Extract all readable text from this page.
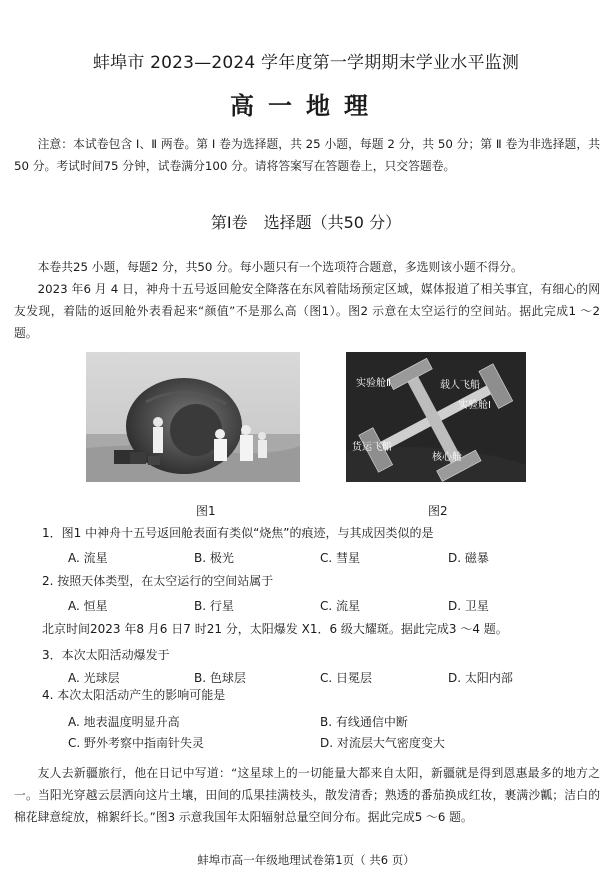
蚌埠市 2023—2024 学年度第一学期期末学业水平监测
高一地理
注意：本试卷包含 Ⅰ、Ⅱ 两卷。第 Ⅰ 卷为选择题，共 25 小题，每题 2 分，共 50 分；第 Ⅱ 卷为非选择题，共50 分。考试时间75 分钟，试卷满分100 分。请将答案写在答题卷上，只交答题卷。
第Ⅰ卷　选择题（共50 分）
本卷共25 小题，每题2 分，共50 分。每小题只有一个选项符合题意，多选则该小题不得分。
2023 年6 月 4 日，神舟十五号返回舱安全降落在东风着陆场预定区域，媒体报道了相关事宜，有细心的网友发现，着陆的返回舱外表看起来“颜值”不是那么高（图1）。图2 示意在太空运行的空间站。据此完成1 ～2 题。
实验舱Ⅱ	载人飞船
实验舱Ⅰ
货运飞船
核心舱
图1	图2
1．图1 中神舟十五号返回舱表面有类似“烧焦”的痕迹，与其成因类似的是
A. 流星	B. 极光	C. 彗星	D. 磁暴
2. 按照天体类型，在太空运行的空间站属于
A. 恒星	B. 行星	C. 流星	D. 卫星
北京时间2023 年8 月6 日7 时21 分，太阳爆发 X1．6 级大耀斑。据此完成3 ～4 题。
3．本次太阳活动爆发于
A. 光球层	B. 色球层	C. 日冕层	D. 太阳内部
4. 本次太阳活动产生的影响可能是
A. 地表温度明显升高	B. 有线通信中断
C. 野外考察中指南针失灵	D. 对流层大气密度变大
友人去新疆旅行，他在日记中写道：“这星球上的一切能量大都来自太阳，新疆就是得到恩惠最多的地方之一。当阳光穿越云层洒向这片土壤，田间的瓜果挂满枝头，散发清香；熟透的番茄换成红妆，裹满沙瓤；洁白的棉花肆意绽放，棉絮纤长。”图3 示意我国年太阳辐射总量空间分布。据此完成5 ～6 题。
蚌埠市高一年级地理试卷第1页（ 共6 页）
